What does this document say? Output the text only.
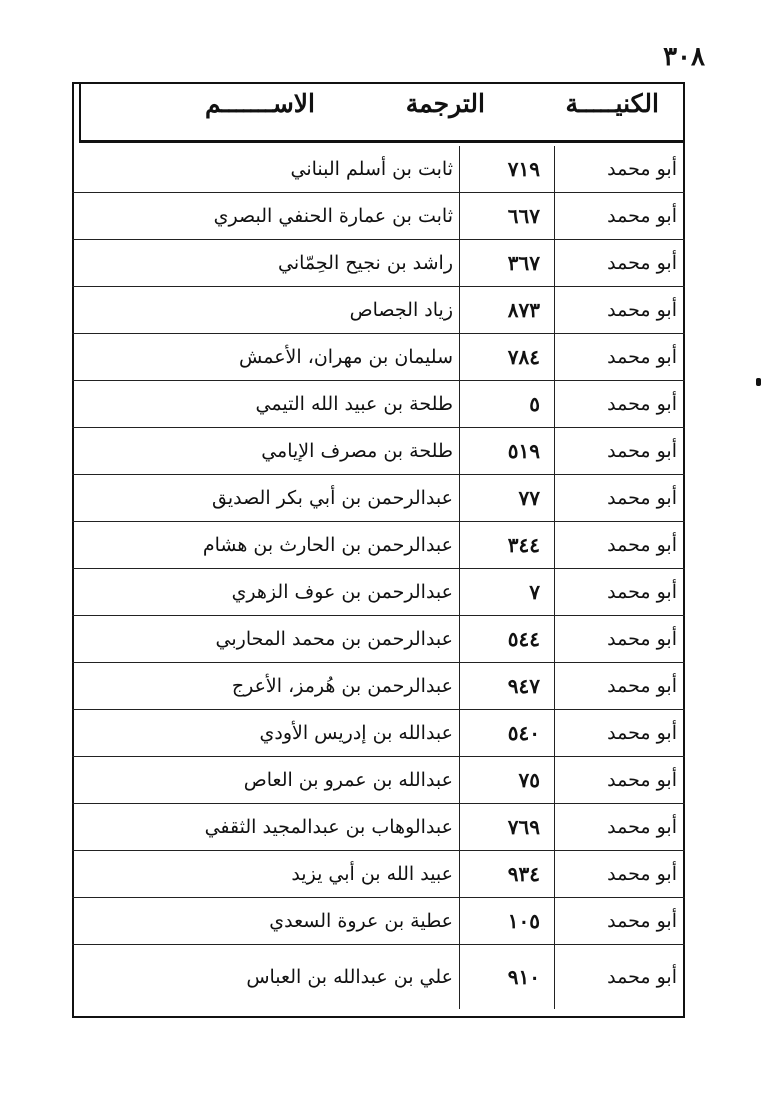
٣٠٨
الكنيـــــة
الترجمة
الاســـــــم
أبو محمد
٧١٩
ثابت بن أسلم البناني
أبو محمد
٦٦٧
ثابت بن عمارة الحنفي البصري
أبو محمد
٣٦٧
راشد بن نجيح الحِمّاني
أبو محمد
٨٧٣
زياد الجصاص
أبو محمد
٧٨٤
سليمان بن مهران، الأعمش
أبو محمد
٥
طلحة بن عبيد الله التيمي
أبو محمد
٥١٩
طلحة بن مصرف الإيامي
أبو محمد
٧٧
عبدالرحمن بن أبي بكر الصديق
أبو محمد
٣٤٤
عبدالرحمن بن الحارث بن هشام
أبو محمد
٧
عبدالرحمن بن عوف الزهري
أبو محمد
٥٤٤
عبدالرحمن بن محمد المحاربي
أبو محمد
٩٤٧
عبدالرحمن بن هُرمز، الأعرج
أبو محمد
٥٤٠
عبدالله بن إدريس الأودي
أبو محمد
٧٥
عبدالله بن عمرو بن العاص
أبو محمد
٧٦٩
عبدالوهاب بن عبدالمجيد الثقفي
أبو محمد
٩٣٤
عبيد الله بن أبي يزيد
أبو محمد
١٠٥
عطية بن عروة السعدي
أبو محمد
٩١٠
علي بن عبدالله بن العباس
